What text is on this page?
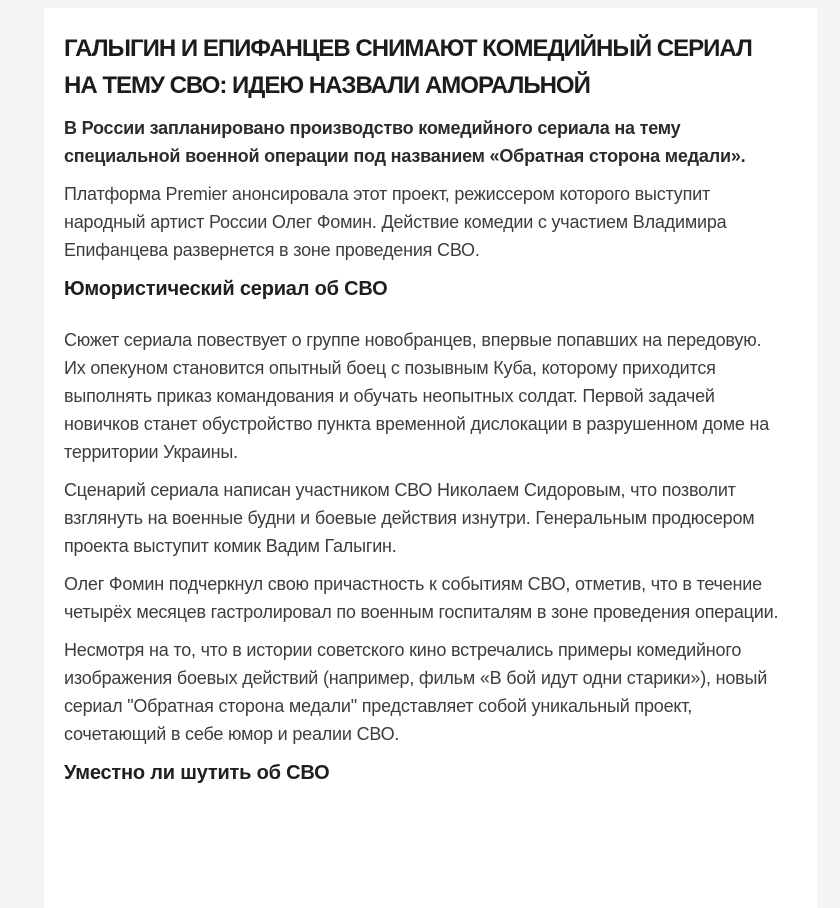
ГАЛЫГИН И ЕПИФАНЦЕВ СНИМАЮТ КОМЕДИЙНЫЙ СЕРИАЛ НА ТЕМУ СВО: ИДЕЮ НАЗВАЛИ АМОРАЛЬНОЙ

В России запланировано производство комедийного сериала на тему специальной военной операции под названием «Обратная сторона медали».

Платформа Premier анонсировала этот проект, режиссером которого выступит народный артист России Олег Фомин. Действие комедии с участием Владимира Епифанцева развернется в зоне проведения СВО.

Юмористический сериал об СВО

Сюжет сериала повествует о группе новобранцев, впервые попавших на передовую. Их опекуном становится опытный боец с позывным Куба, которому приходится выполнять приказ командования и обучать неопытных солдат. Первой задачей новичков станет обустройство пункта временной дислокации в разрушенном доме на территории Украины.

Сценарий сериала написан участником СВО Николаем Сидоровым, что позволит взглянуть на военные будни и боевые действия изнутри. Генеральным продюсером проекта выступит комик Вадим Галыгин.

Олег Фомин подчеркнул свою причастность к событиям СВО, отметив, что в течение четырёх месяцев гастролировал по военным госпиталям в зоне проведения операции.

Несмотря на то, что в истории советского кино встречались примеры комедийного изображения боевых действий (например, фильм «В бой идут одни старики»), новый сериал "Обратная сторона медали" представляет собой уникальный проект, сочетающий в себе юмор и реалии СВО.

Уместно ли шутить об СВО
